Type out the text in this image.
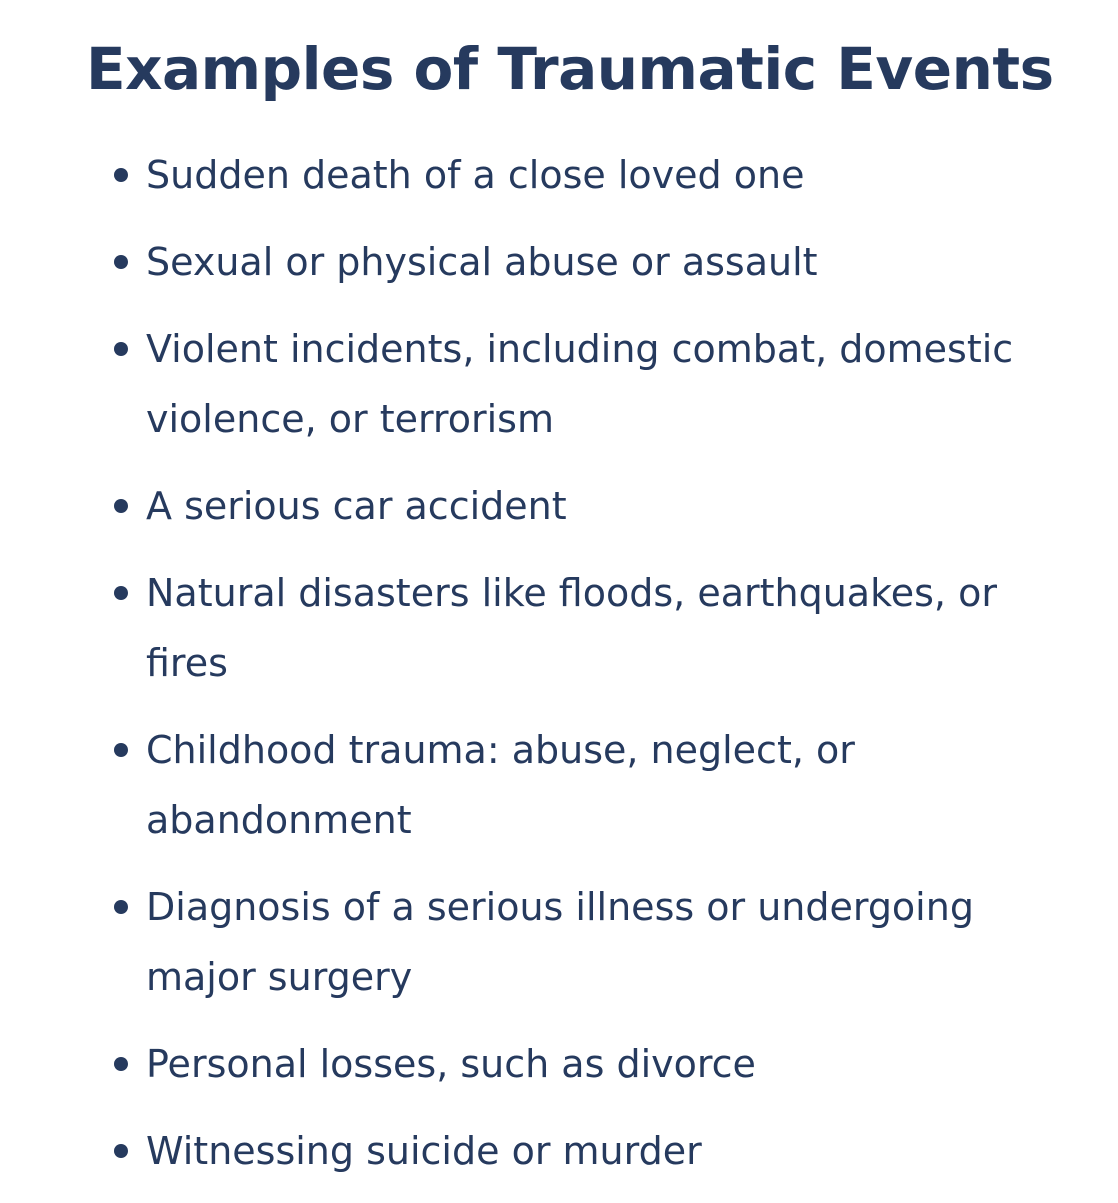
Examples of Traumatic Events
Sudden death of a close loved one
Sexual or physical abuse or assault
Violent incidents, including combat, domestic violence, or terrorism
A serious car accident
Natural disasters like floods, earthquakes, or fires
Childhood trauma: abuse, neglect, or abandonment
Diagnosis of a serious illness or undergoing major surgery
Personal losses, such as divorce
Witnessing suicide or murder
